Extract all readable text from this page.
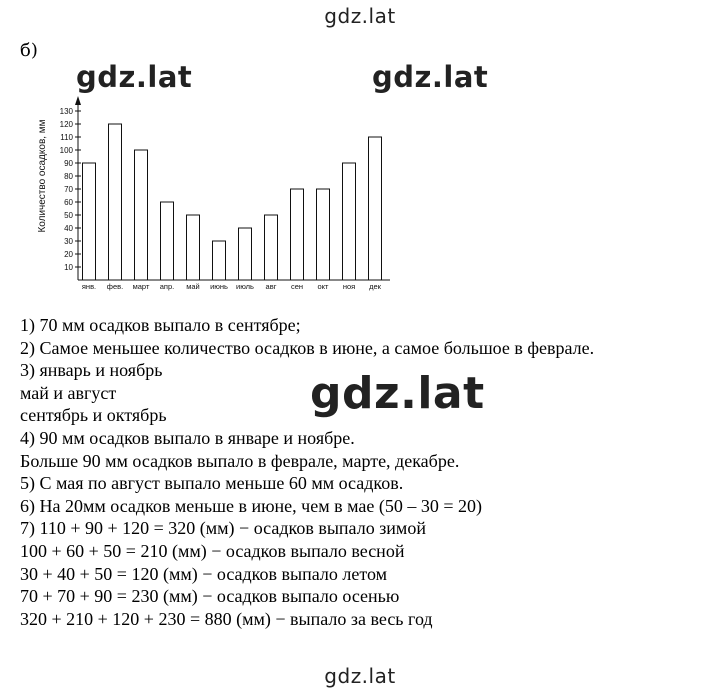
gdz.lat
б)
Количество осадков, мм
10
20
30
40
50
60
70
80
90
100
110
120
130
янв. фев. март апр. май июнь июль авг сен окт ноя дек
gdz.lat	gdz.lat
1) 70 мм осадков выпало в сентябре;
2) Самое меньшее количество осадков в июне, а самое большое в феврале.
3) январь и ноябрь
май и август
сентябрь и октябрь
4) 90 мм осадков выпало в январе и ноябре.
Больше 90 мм осадков выпало в феврале, марте, декабре.
5) С мая по август выпало меньше 60 мм осадков.
6) На 20мм осадков меньше в июне, чем в мае (50 – 30 = 20)
7) 110 + 90 + 120 = 320 (мм) − осадков выпало зимой
100 + 60 + 50 = 210 (мм) − осадков выпало весной
30 + 40 + 50 = 120 (мм) − осадков выпало летом
70 + 70 + 90 = 230 (мм) − осадков выпало осенью
320 + 210 + 120 + 230 = 880 (мм) − выпало за весь год
gdz.lat
gdz.lat
